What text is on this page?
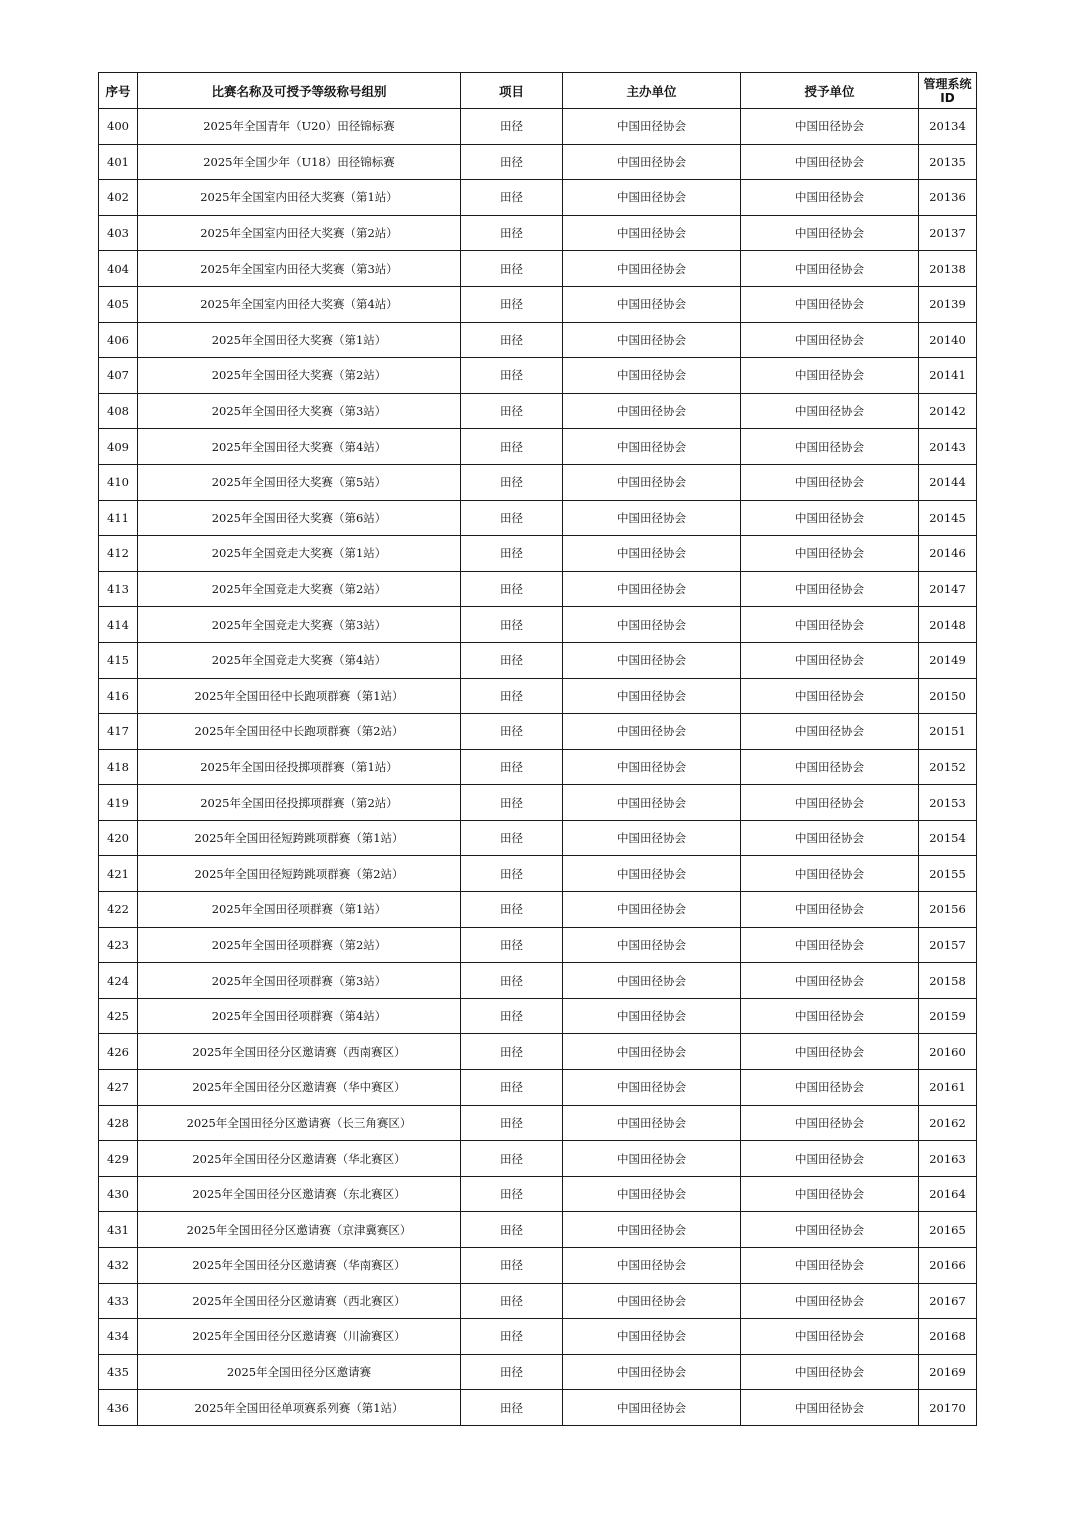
序号	比赛名称及可授予等级称号组别	项目	主办单位	授予单位	管理系统ID
400	2025年全国青年（U20）田径锦标赛	田径	中国田径协会	中国田径协会	20134
401	2025年全国少年（U18）田径锦标赛	田径	中国田径协会	中国田径协会	20135
402	2025年全国室内田径大奖赛（第1站）	田径	中国田径协会	中国田径协会	20136
403	2025年全国室内田径大奖赛（第2站）	田径	中国田径协会	中国田径协会	20137
404	2025年全国室内田径大奖赛（第3站）	田径	中国田径协会	中国田径协会	20138
405	2025年全国室内田径大奖赛（第4站）	田径	中国田径协会	中国田径协会	20139
406	2025年全国田径大奖赛（第1站）	田径	中国田径协会	中国田径协会	20140
407	2025年全国田径大奖赛（第2站）	田径	中国田径协会	中国田径协会	20141
408	2025年全国田径大奖赛（第3站）	田径	中国田径协会	中国田径协会	20142
409	2025年全国田径大奖赛（第4站）	田径	中国田径协会	中国田径协会	20143
410	2025年全国田径大奖赛（第5站）	田径	中国田径协会	中国田径协会	20144
411	2025年全国田径大奖赛（第6站）	田径	中国田径协会	中国田径协会	20145
412	2025年全国竞走大奖赛（第1站）	田径	中国田径协会	中国田径协会	20146
413	2025年全国竞走大奖赛（第2站）	田径	中国田径协会	中国田径协会	20147
414	2025年全国竞走大奖赛（第3站）	田径	中国田径协会	中国田径协会	20148
415	2025年全国竞走大奖赛（第4站）	田径	中国田径协会	中国田径协会	20149
416	2025年全国田径中长跑项群赛（第1站）	田径	中国田径协会	中国田径协会	20150
417	2025年全国田径中长跑项群赛（第2站）	田径	中国田径协会	中国田径协会	20151
418	2025年全国田径投掷项群赛（第1站）	田径	中国田径协会	中国田径协会	20152
419	2025年全国田径投掷项群赛（第2站）	田径	中国田径协会	中国田径协会	20153
420	2025年全国田径短跨跳项群赛（第1站）	田径	中国田径协会	中国田径协会	20154
421	2025年全国田径短跨跳项群赛（第2站）	田径	中国田径协会	中国田径协会	20155
422	2025年全国田径项群赛（第1站）	田径	中国田径协会	中国田径协会	20156
423	2025年全国田径项群赛（第2站）	田径	中国田径协会	中国田径协会	20157
424	2025年全国田径项群赛（第3站）	田径	中国田径协会	中国田径协会	20158
425	2025年全国田径项群赛（第4站）	田径	中国田径协会	中国田径协会	20159
426	2025年全国田径分区邀请赛（西南赛区）	田径	中国田径协会	中国田径协会	20160
427	2025年全国田径分区邀请赛（华中赛区）	田径	中国田径协会	中国田径协会	20161
428	2025年全国田径分区邀请赛（长三角赛区）	田径	中国田径协会	中国田径协会	20162
429	2025年全国田径分区邀请赛（华北赛区）	田径	中国田径协会	中国田径协会	20163
430	2025年全国田径分区邀请赛（东北赛区）	田径	中国田径协会	中国田径协会	20164
431	2025年全国田径分区邀请赛（京津冀赛区）	田径	中国田径协会	中国田径协会	20165
432	2025年全国田径分区邀请赛（华南赛区）	田径	中国田径协会	中国田径协会	20166
433	2025年全国田径分区邀请赛（西北赛区）	田径	中国田径协会	中国田径协会	20167
434	2025年全国田径分区邀请赛（川渝赛区）	田径	中国田径协会	中国田径协会	20168
435	2025年全国田径分区邀请赛	田径	中国田径协会	中国田径协会	20169
436	2025年全国田径单项赛系列赛（第1站）	田径	中国田径协会	中国田径协会	20170
